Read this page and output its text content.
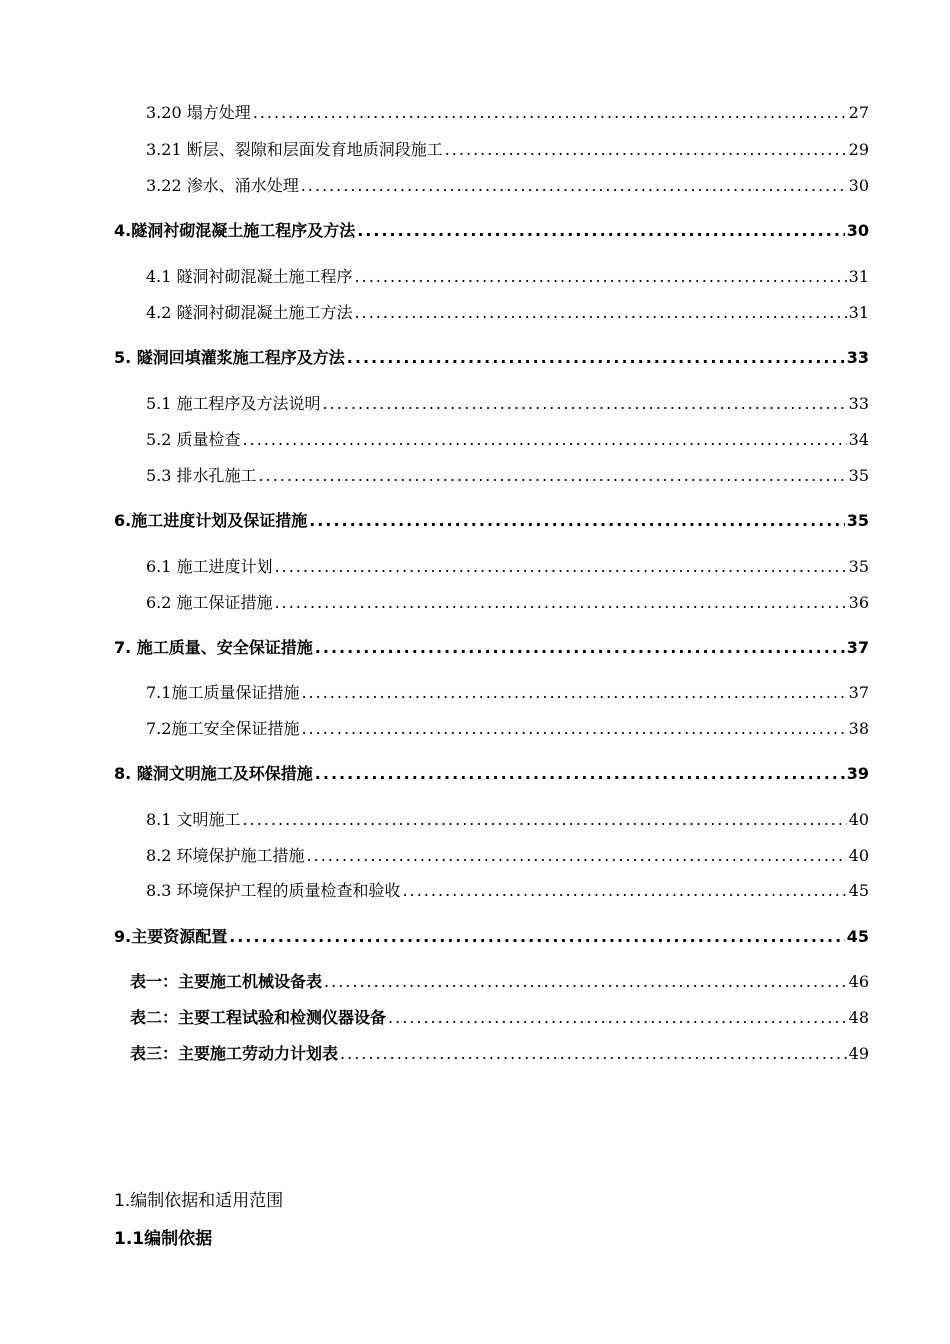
3.20 塌方处理 .....	27
3.21 断层、裂隙和层面发育地质洞段施工 .....	29
3.22 渗水、涌水处理 .....	30
4.隧洞衬砌混凝土施工程序及方法 .....	30
4.1 隧洞衬砌混凝土施工程序 .....	31
4.2 隧洞衬砌混凝土施工方法 .....	31
5. 隧洞回填灌浆施工程序及方法 .....	33
5.1 施工程序及方法说明 .....	33
5.2 质量检查 .....	34
5.3 排水孔施工 .....	35
6.施工进度计划及保证措施 .....	35
6.1 施工进度计划 .....	35
6.2 施工保证措施 .....	36
7. 施工质量、安全保证措施 .....	37
7.1施工质量保证措施 .....	37
7.2施工安全保证措施 .....	38
8. 隧洞文明施工及环保措施 .....	39
8.1 文明施工 .....	40
8.2 环境保护施工措施 .....	40
8.3 环境保护工程的质量检查和验收 .....	45
9.主要资源配置 .....	45
表一：主要施工机械设备表 .....	46
表二：主要工程试验和检测仪器设备 .....	48
表三：主要施工劳动力计划表 .....	49
1.编制依据和适用范围
1.1编制依据
